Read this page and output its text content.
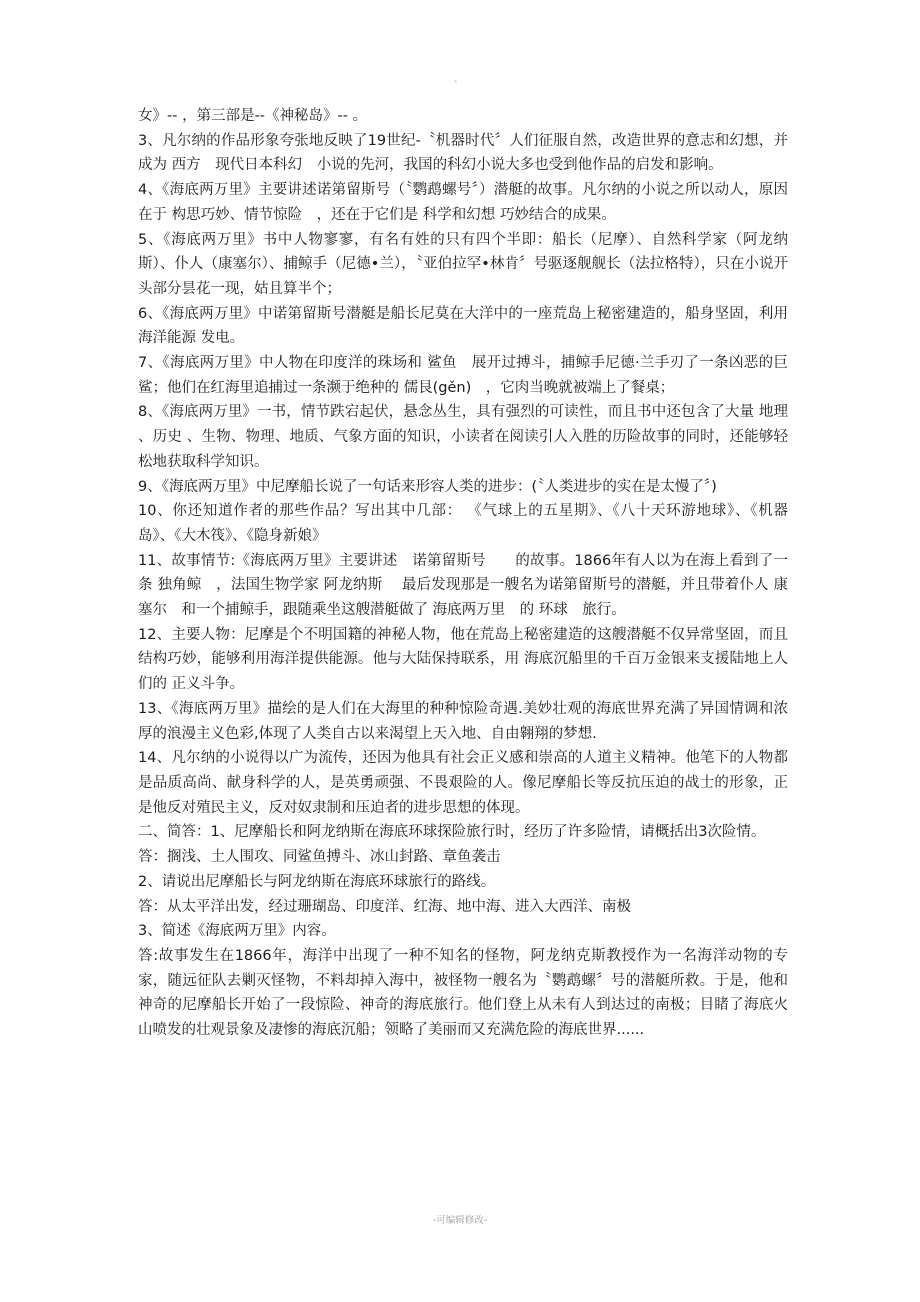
女》-- ，第三部是--《神秘岛》-- 。

3、凡尔纳的作品形象夸张地反映了19世纪-〝机器时代〞人们征服自然，改造世界的意志和幻想，并成为 西方　现代日本科幻　小说的先河，我国的科幻小说大多也受到他作品的启发和影响。

4、《海底两万里》主要讲述诺第留斯号（〝鹦鹉螺号〞）潜艇的故事。凡尔纳的小说之所以动人，原因在于 构思巧妙、情节惊险　，还在于它们是 科学和幻想 巧妙结合的成果。

5、《海底两万里》书中人物寥寥，有名有姓的只有四个半即：船长（尼摩）、自然科学家（阿龙纳斯）、仆人（康塞尔）、捕鲸手（尼德•兰），〝亚伯拉罕•林肯〞号驱逐舰舰长（法拉格特），只在小说开头部分昙花一现，姑且算半个；

6、《海底两万里》中诺第留斯号潜艇是船长尼莫在大洋中的一座荒岛上秘密建造的，船身坚固，利用 海洋能源 发电。

7、《海底两万里》中人物在印度洋的珠场和 鲨鱼　展开过搏斗，捕鲸手尼德·兰手刃了一条凶恶的巨鲨；他们在红海里追捕过一条濒于绝种的 儒艮(gěn)　，它肉当晚就被端上了餐桌；

8、《海底两万里》一书，情节跌宕起伏，悬念丛生，具有强烈的可读性，而且书中还包含了大量 地理 、历史 、生物、物理、地质、气象方面的知识，小读者在阅读引人入胜的历险故事的同时，还能够轻松地获取科学知识。

9、《海底两万里》中尼摩船长说了一句话来形容人类的进步：(〝人类进步的实在是太慢了〞)

10、你还知道作者的那些作品？写出其中几部： 《气球上的五星期》、《八十天环游地球》、《机器岛》、《大木筏》、《隐身新娘》

11、故事情节:《海底两万里》主要讲述　诺第留斯号　　的故事。1866年有人以为在海上看到了一条 独角鲸　，法国生物学家 阿龙纳斯　 最后发现那是一艘名为诺第留斯号的潜艇，并且带着仆人 康塞尔　和一个捕鲸手，跟随乘坐这艘潜艇做了 海底两万里　的 环球　旅行。

12、主要人物：尼摩是个不明国籍的神秘人物，他在荒岛上秘密建造的这艘潜艇不仅异常坚固，而且 结构巧妙，能够利用海洋提供能源。他与大陆保持联系，用 海底沉船里的千百万金银来支援陆地上人们的 正义斗争。

13、《海底两万里》描绘的是人们在大海里的种种惊险奇遇.美妙壮观的海底世界充满了异国情调和浓厚的浪漫主义色彩,体现了人类自古以来渴望上天入地、自由翱翔的梦想.

14、凡尔纳的小说得以广为流传，还因为他具有社会正义感和崇高的人道主义精神。他笔下的人物都是品质高尚、献身科学的人，是英勇顽强、不畏艰险的人。像尼摩船长等反抗压迫的战士的形象，正是他反对殖民主义，反对奴隶制和压迫者的进步思想的体现。

二、简答：1、尼摩船长和阿龙纳斯在海底环球探险旅行时，经历了许多险情，请概括出3次险情。

答：搁浅、土人围攻、同鲨鱼搏斗、冰山封路、章鱼袭击

2、请说出尼摩船长与阿龙纳斯在海底环球旅行的路线。

答：从太平洋出发，经过珊瑚岛、印度洋、红海、地中海、进入大西洋、南极

3、简述《海底两万里》内容。

答:故事发生在1866年，海洋中出现了一种不知名的怪物，阿龙纳克斯教授作为一名海洋动物的专家，随远征队去剿灭怪物，不料却掉入海中，被怪物一艘名为〝鹦鹉螺〞号的潜艇所救。于是，他和神奇的尼摩船长开始了一段惊险、神奇的海底旅行。他们登上从未有人到达过的南极；目睹了海底火山喷发的壮观景象及凄惨的海底沉船；领略了美丽而又充满危险的海底世界......

-可编辑修改-
